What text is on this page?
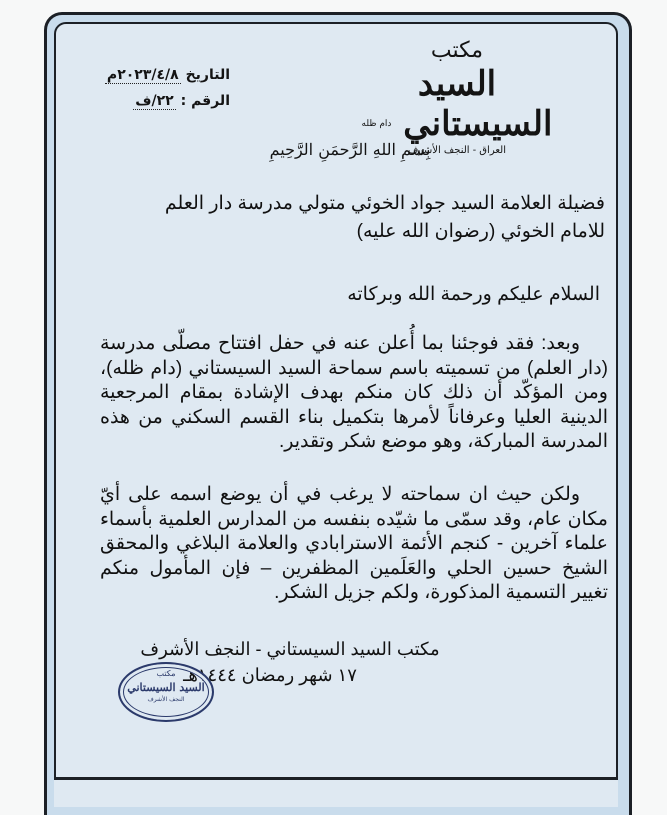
مكتب
السيد السيستاني $^{دام ظله}$
العراق - النجف الأشرف
التاريخ ٢٠٢٣/٤/٨م
الرقم : ٢٢/ف
بِسمِ اللهِ الرَّحمَنِ الرَّحِيمِ
فضيلة العلامة السيد جواد الخوئي متولي مدرسة دار العلم
للامام الخوئي (رضوان الله عليه)
السلام عليكم ورحمة الله وبركاته
وبعد: فقد فوجئنا بما أُعلن عنه في حفل افتتاح مصلّى مدرسة (دار العلم) من تسميته باسم سماحة السيد السيستاني (دام ظله)، ومن المؤكّد أن ذلك كان منكم بهدف الإشادة بمقام المرجعية الدينية العليا وعرفاناً لأمرها بتكميل بناء القسم السكني من هذه المدرسة المباركة، وهو موضع شكر وتقدير.
ولكن حيث ان سماحته لا يرغب في أن يوضع اسمه على أيّ مكان عام، وقد سمّى ما شيّده بنفسه من المدارس العلمية بأسماء علماء آخرين - كنجم الأئمة الاسترابادي والعلامة البلاغي والمحقق الشيخ حسين الحلي والعَلَمين المظفرين – فإن المأمول منكم تغيير التسمية المذكورة، ولكم جزيل الشكر.
مكتب السيد السيستاني - النجف الأشرف
١٧ شهر رمضان ١٤٤٤هـ
مكتب
السيد السيستاني
النجف الأشرف
